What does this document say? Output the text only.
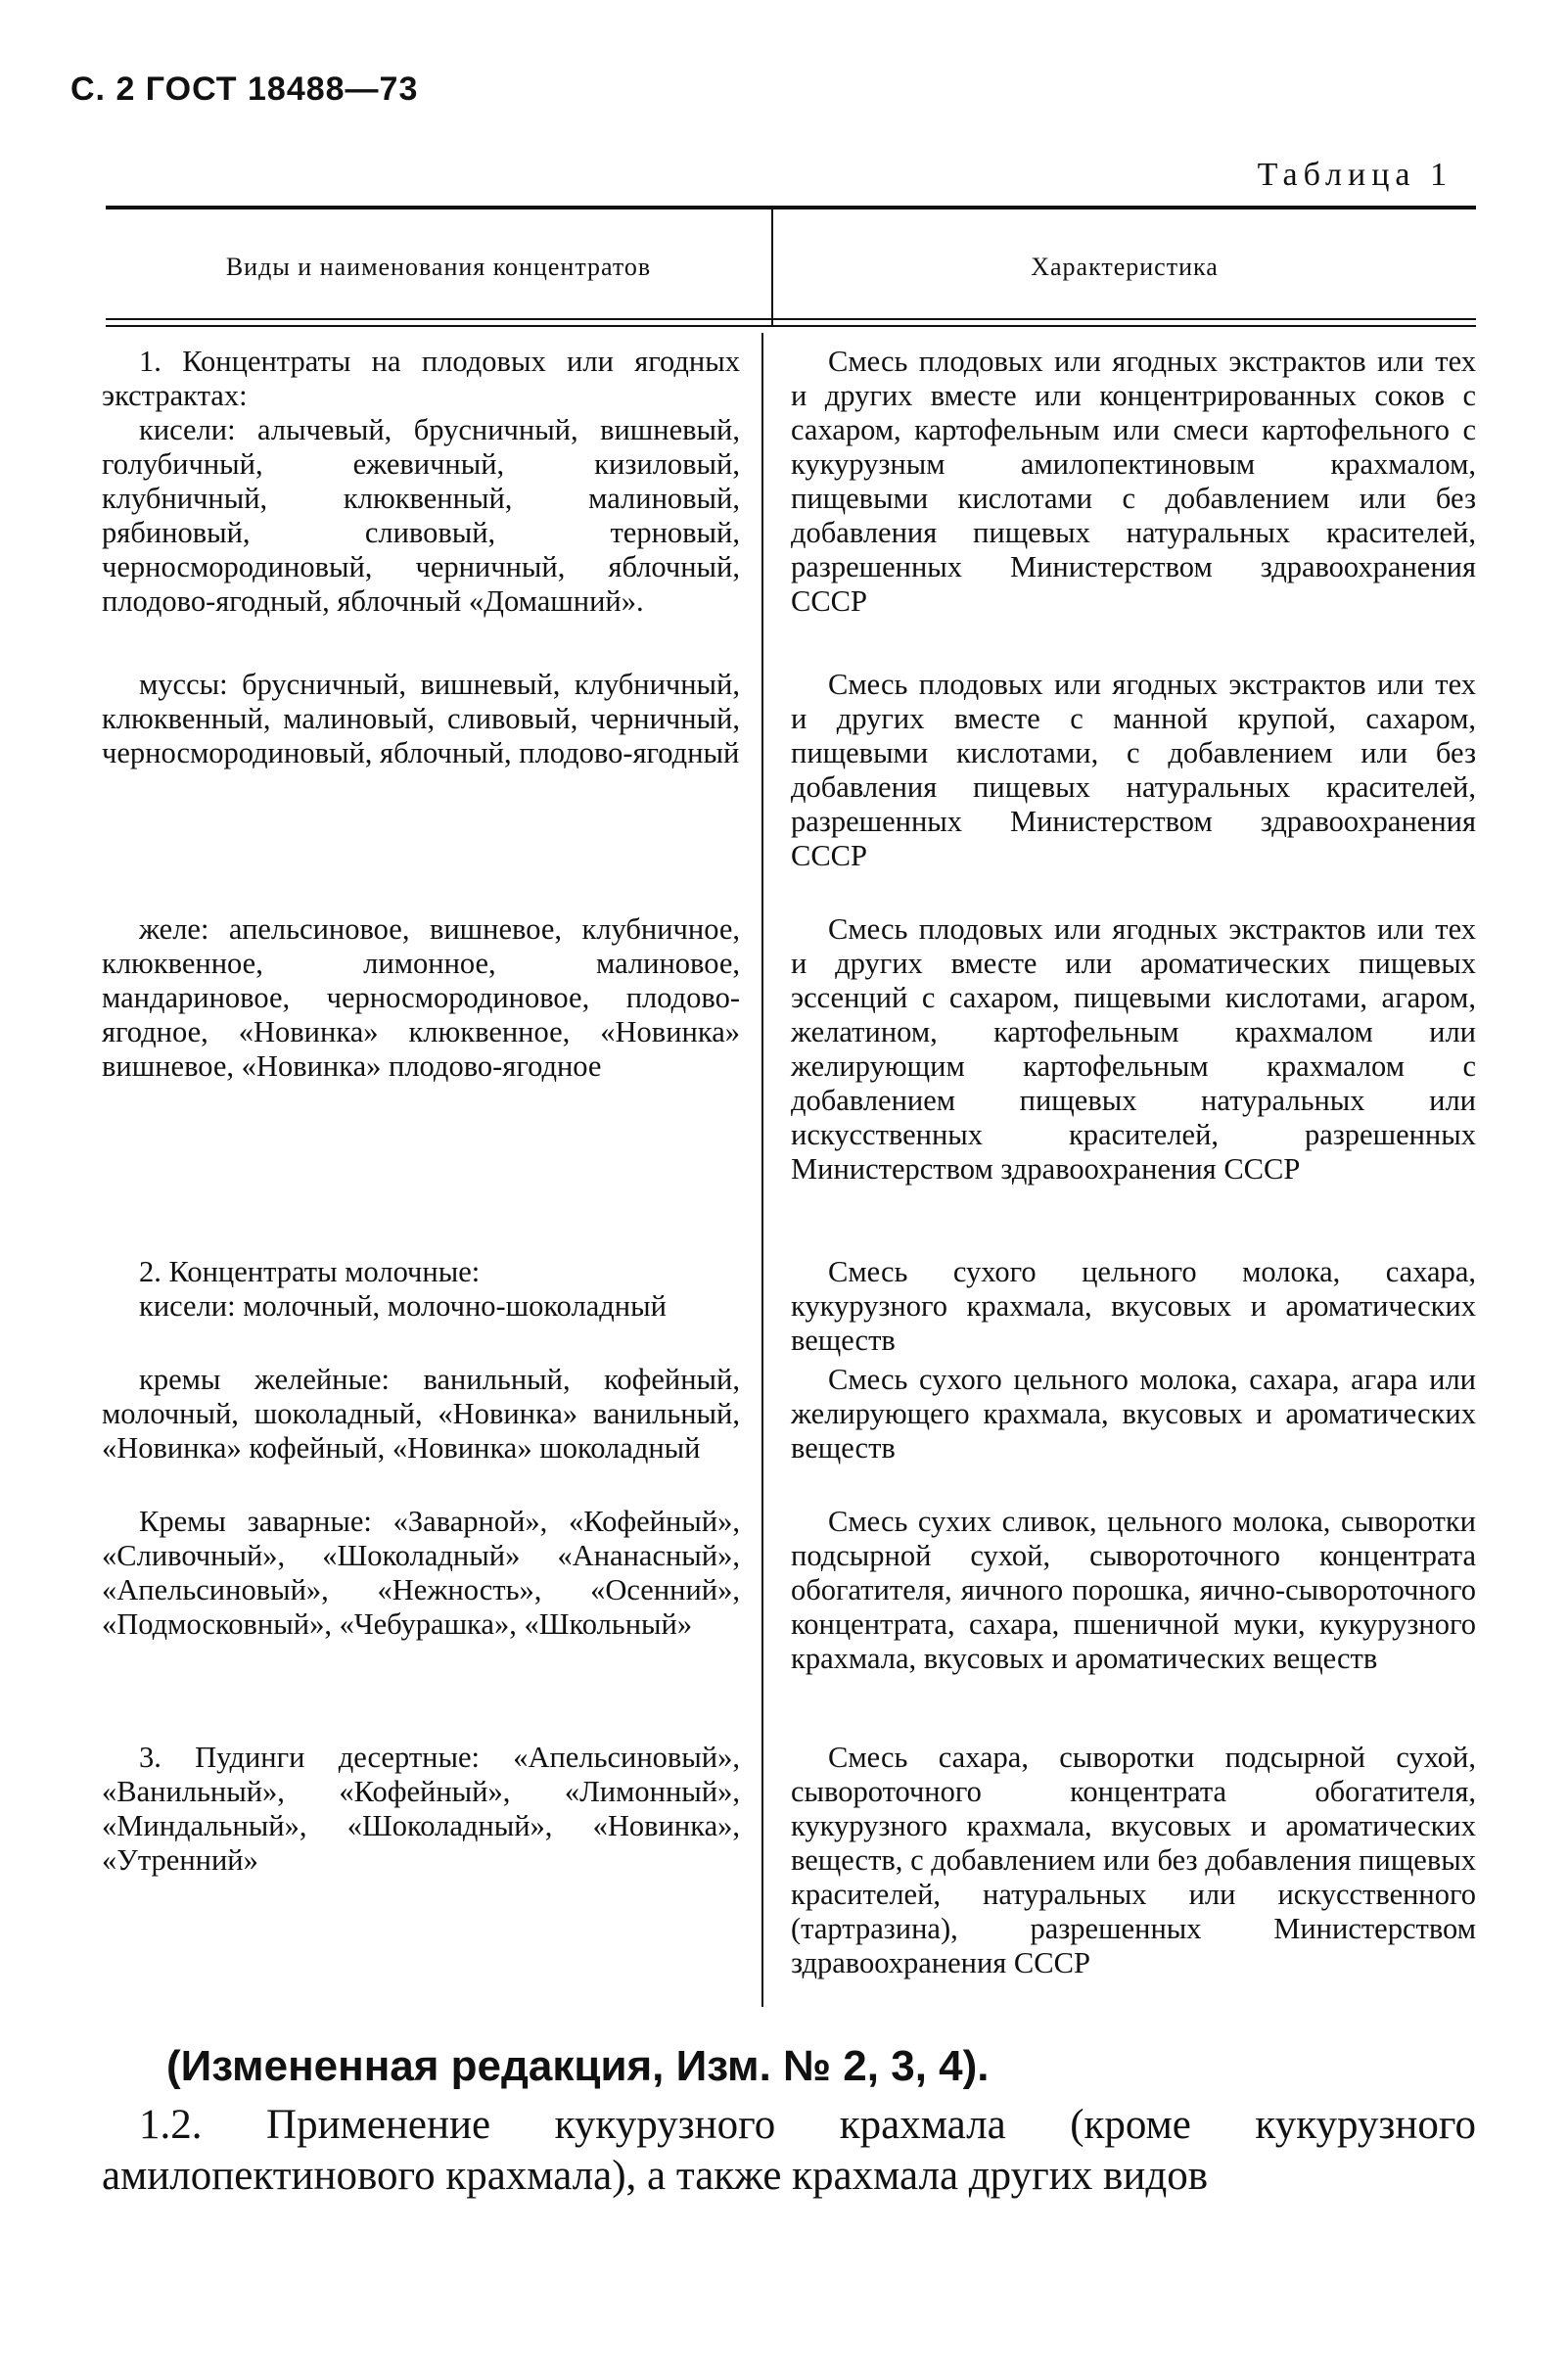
С. 2 ГОСТ 18488—73
Таблица 1
Виды и наименования концентратов	Характеристика

1. Концентраты на плодовых или ягодных экстрактах:

кисели: алычевый, брусничный, вишневый, голубичный, ежевичный, кизиловый, клубничный, клюквенный, малиновый, рябиновый, сливовый, терновый, черносмородиновый, черничный, яблочный, плодово-ягодный, яблочный «Домашний».

Смесь плодовых или ягодных экстрактов или тех и других вместе или концентрированных соков с сахаром, картофельным или смеси картофельного с кукурузным амилопектиновым крахмалом, пищевыми кислотами с добавлением или без добавления пищевых натуральных красителей, разрешенных Министерством здравоохранения СССР
муссы: брусничный, вишневый, клубничный, клюквенный, малиновый, сливовый, черничный, черносмородиновый, яблочный, плодово-ягодный
Смесь плодовых или ягодных экстрактов или тех и других вместе с манной крупой, сахаром, пищевыми кислотами, с добавлением или без добавления пищевых натуральных красителей, разрешенных Министерством здравоохранения СССР
желе: апельсиновое, вишневое, клубничное, клюквенное, лимонное, малиновое, мандариновое, черносмородиновое, плодово-ягодное, «Новинка» клюквенное, «Новинка» вишневое, «Новинка» плодово-ягодное
Смесь плодовых или ягодных экстрактов или тех и других вместе или ароматических пищевых эссенций с сахаром, пищевыми кислотами, агаром, желатином, картофельным крахмалом или желирующим картофельным крахмалом с добавлением пищевых натуральных или искусственных красителей, разрешенных Министерством здравоохранения СССР

2. Концентраты молочные:

кисели: молочный, молочно-шоколадный

Смесь сухого цельного молока, сахара, кукурузного крахмала, вкусовых и ароматических веществ
кремы желейные: ванильный, кофейный, молочный, шоколадный, «Новинка» ванильный, «Новинка» кофейный, «Новинка» шоколадный
Смесь сухого цельного молока, сахара, агара или желирующего крахмала, вкусовых и ароматических веществ
Кремы заварные: «Заварной», «Кофейный», «Сливочный», «Шоколадный» «Ананасный», «Апельсиновый», «Нежность», «Осенний», «Подмосковный», «Чебурашка», «Школьный»
Смесь сухих сливок, цельного молока, сыворотки подсырной сухой, сывороточного концентрата обогатителя, яичного порошка, яично-сывороточного концентрата, сахара, пшеничной муки, кукурузного крахмала, вкусовых и ароматических веществ
3. Пудинги десертные: «Апельсиновый», «Ванильный», «Кофейный», «Лимонный», «Миндальный», «Шоколадный», «Новинка», «Утренний»
Смесь сахара, сыворотки подсырной сухой, сывороточного концентрата обогатителя, кукурузного крахмала, вкусовых и ароматических веществ, с добавлением или без добавления пищевых красителей, натуральных или искусственного (тартразина), разрешенных Министерством здравоохранения СССР
(Измененная редакция, Изм. № 2, 3, 4).
1.2. Применение кукурузного крахмала (кроме кукурузного амилопектинового крахмала), а также крахмала других видов
